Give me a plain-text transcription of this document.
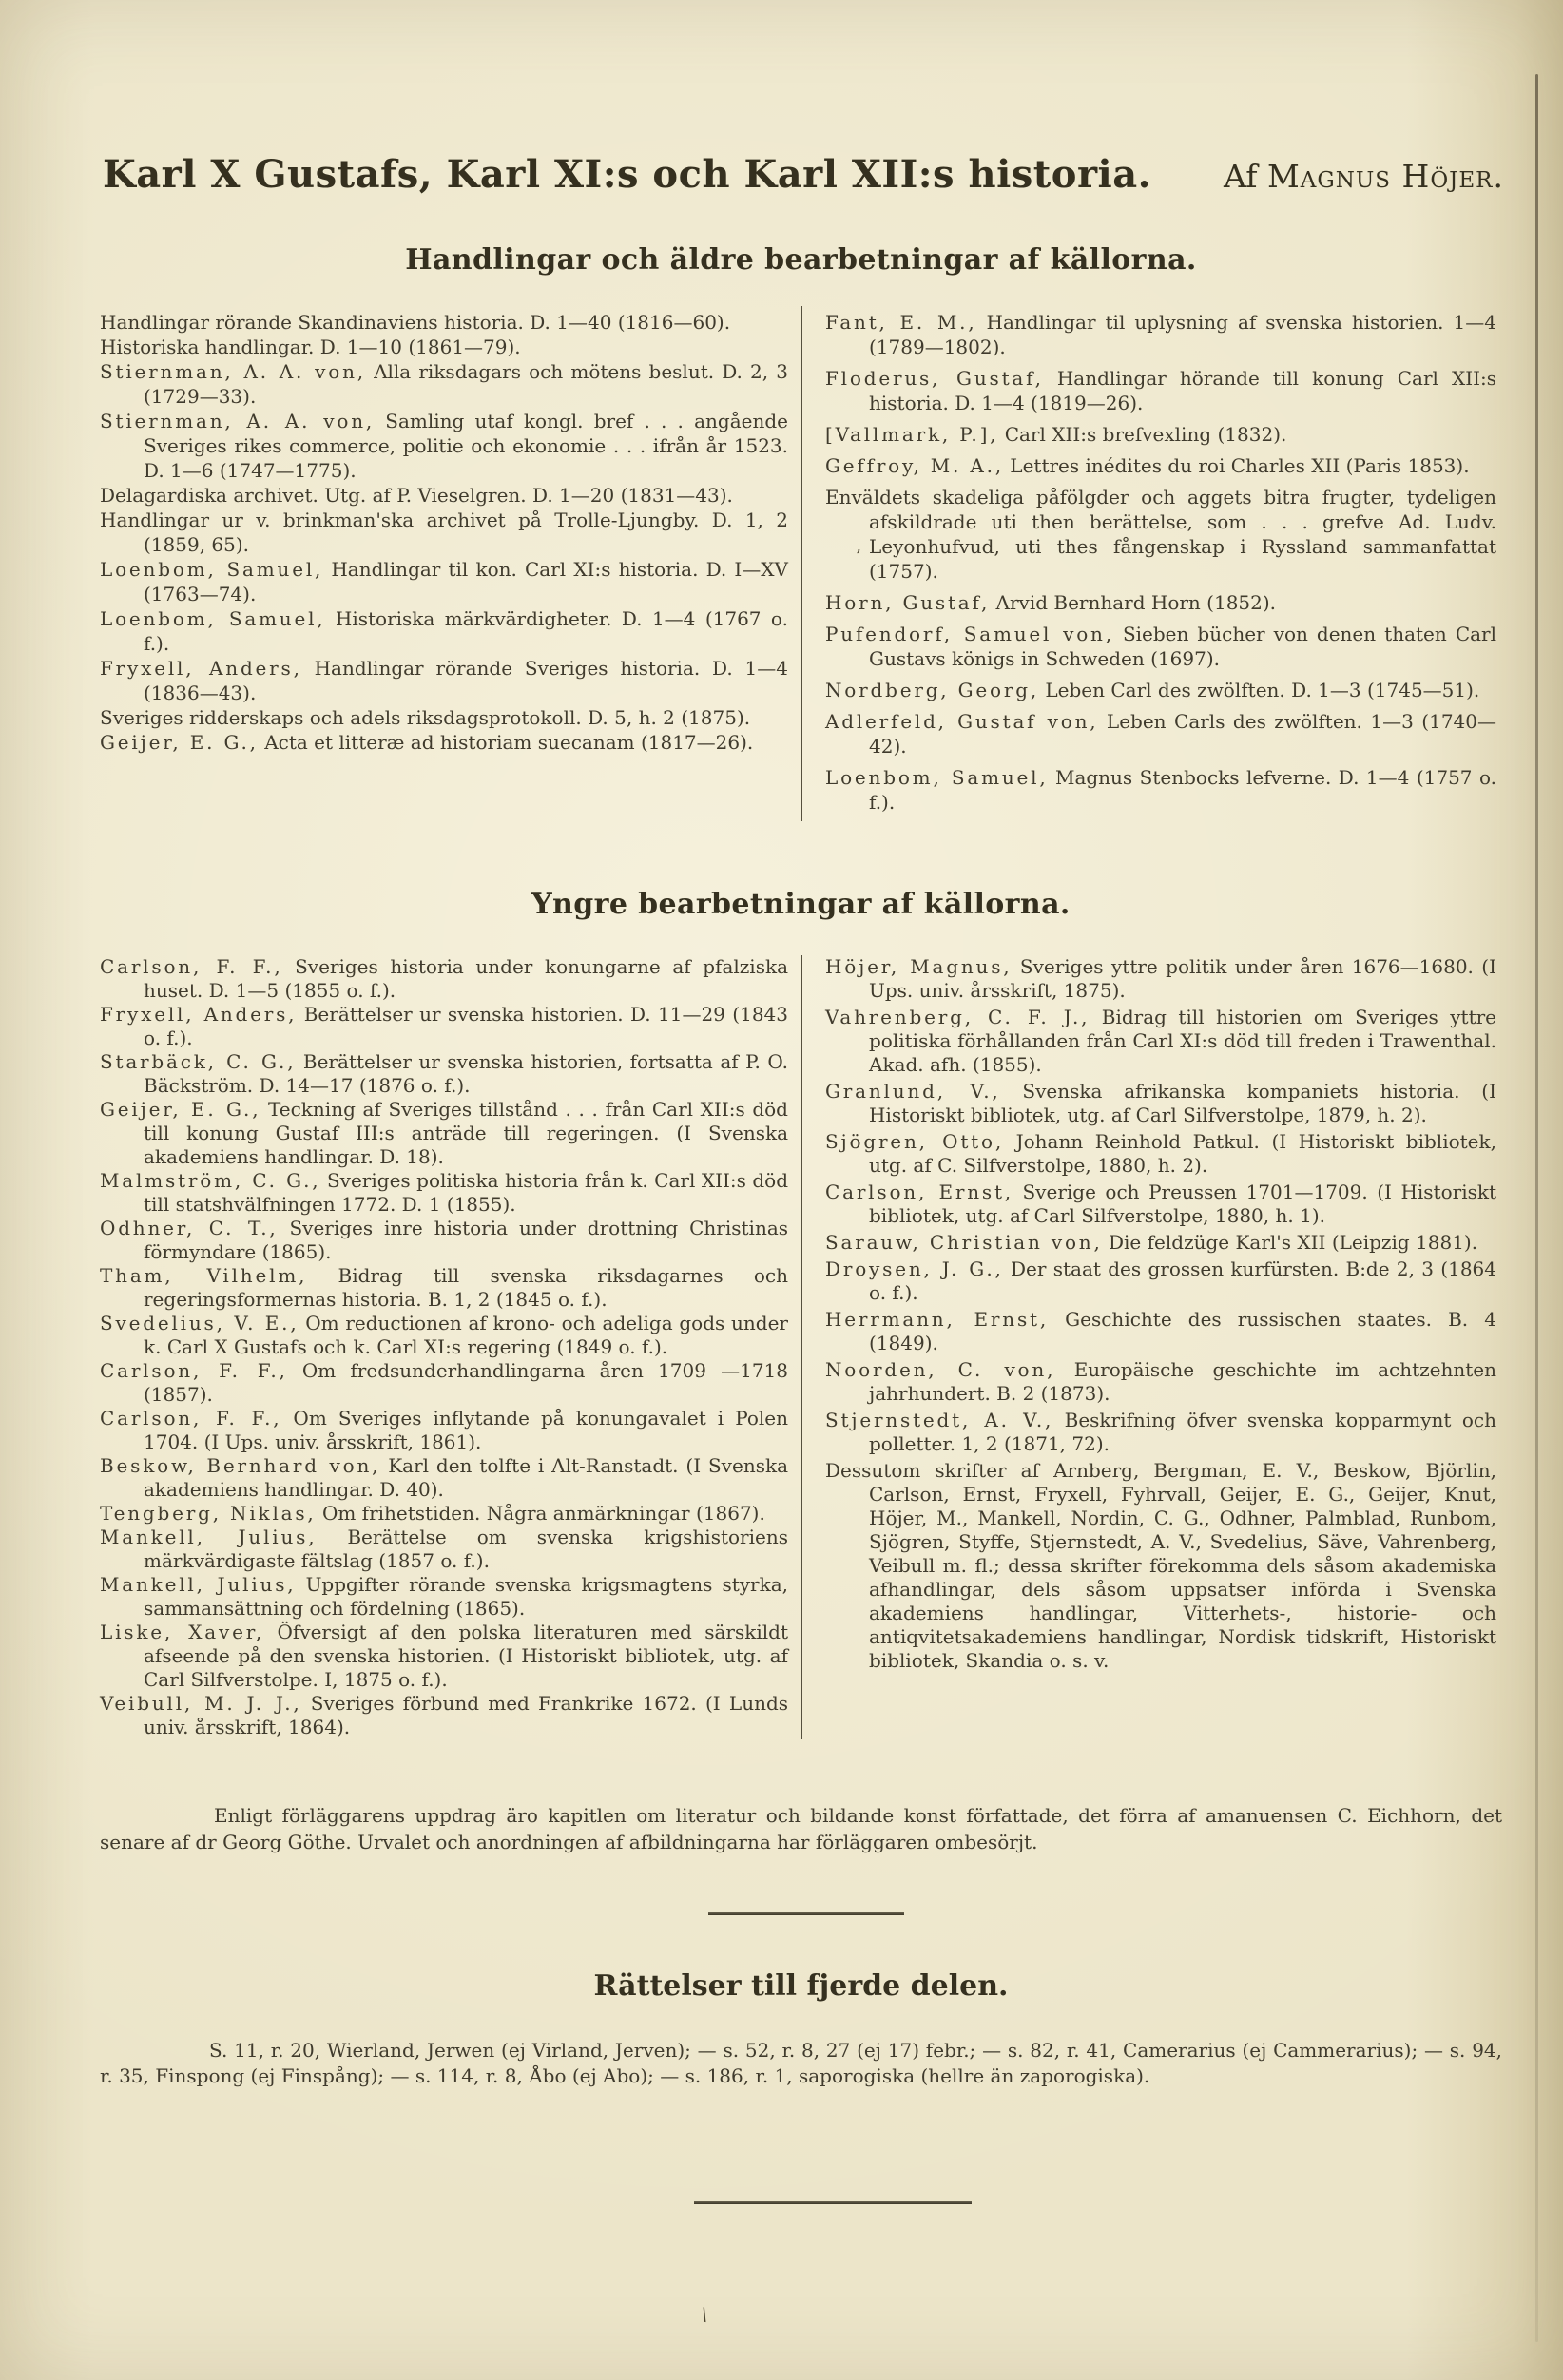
Karl X Gustafs, Karl XI:s och Karl XII:s historia. Af Magnus Höjer.
Handlingar och äldre bearbetningar af källorna.
Handlingar rörande Skandinaviens historia. D. 1—40 (1816—60).
Historiska handlingar. D. 1—10 (1861—79).
Stiernman, A. A. von, Alla riksdagars och mötens beslut. D. 2, 3 (1729—33).
Stiernman, A. A. von, Samling utaf kongl. bref . . . angående Sveriges rikes commerce, politie och ekonomie . . . ifrån år 1523. D. 1—6 (1747—1775).
Delagardiska archivet. Utg. af P. Vieselgren. D. 1—20 (1831—43).
Handlingar ur v. brinkman'ska archivet på Trolle-Ljungby. D. 1, 2 (1859, 65).
Loenbom, Samuel, Handlingar til kon. Carl XI:s historia. D. I—XV (1763—74).
Loenbom, Samuel, Historiska märkvärdigheter. D. 1—4 (1767 o. f.).
Fryxell, Anders, Handlingar rörande Sveriges historia. D. 1—4 (1836—43).
Sveriges ridderskaps och adels riksdagsprotokoll. D. 5, h. 2 (1875).
Geijer, E. G., Acta et litteræ ad historiam suecanam (1817—26).
Fant, E. M., Handlingar til uplysning af svenska historien. 1—4 (1789—1802).
Floderus, Gustaf, Handlingar hörande till konung Carl XII:s historia. D. 1—4 (1819—26).
[Vallmark, P.], Carl XII:s brefvexling (1832).
Geffroy, M. A., Lettres inédites du roi Charles XII (Paris 1853).
Enväldets skadeliga påfölgder och aggets bitra frugter, tydeligen afskildrade uti then berättelse, som . . . grefve Ad. Ludv. Leyonhufvud, uti thes fångenskap i Ryssland sammanfattat (1757).
Horn, Gustaf, Arvid Bernhard Horn (1852).
Pufendorf, Samuel von, Sieben bücher von denen thaten Carl Gustavs königs in Schweden (1697).
Nordberg, Georg, Leben Carl des zwölften. D. 1—3 (1745—51).
Adlerfeld, Gustaf von, Leben Carls des zwölften. 1—3 (1740—42).
Loenbom, Samuel, Magnus Stenbocks lefverne. D. 1—4 (1757 o. f.).
Yngre bearbetningar af källorna.
Carlson, F. F., Sveriges historia under konungarne af pfalziska huset. D. 1—5 (1855 o. f.).
Fryxell, Anders, Berättelser ur svenska historien. D. 11—29 (1843 o. f.).
Starbäck, C. G., Berättelser ur svenska historien, fortsatta af P. O. Bäckström. D. 14—17 (1876 o. f.).
Geijer, E. G., Teckning af Sveriges tillstånd . . . från Carl XII:s död till konung Gustaf III:s anträde till regeringen. (I Svenska akademiens handlingar. D. 18).
Malmström, C. G., Sveriges politiska historia från k. Carl XII:s död till statshvälfningen 1772. D. 1 (1855).
Odhner, C. T., Sveriges inre historia under drottning Christinas förmyndare (1865).
Tham, Vilhelm, Bidrag till svenska riksdagarnes och regeringsformernas historia. B. 1, 2 (1845 o. f.).
Svedelius, V. E., Om reductionen af krono- och adeliga gods under k. Carl X Gustafs och k. Carl XI:s regering (1849 o. f.).
Carlson, F. F., Om fredsunderhandlingarna åren 1709 —1718 (1857).
Carlson, F. F., Om Sveriges inflytande på konungavalet i Polen 1704. (I Ups. univ. årsskrift, 1861).
Beskow, Bernhard von, Karl den tolfte i Alt-Ranstadt. (I Svenska akademiens handlingar. D. 40).
Tengberg, Niklas, Om frihetstiden. Några anmärkningar (1867).
Mankell, Julius, Berättelse om svenska krigshistoriens märkvärdigaste fältslag (1857 o. f.).
Mankell, Julius, Uppgifter rörande svenska krigsmagtens styrka, sammansättning och fördelning (1865).
Liske, Xaver, Öfversigt af den polska literaturen med särskildt afseende på den svenska historien. (I Historiskt bibliotek, utg. af Carl Silfverstolpe. I, 1875 o. f.).
Veibull, M. J. J., Sveriges förbund med Frankrike 1672. (I Lunds univ. årsskrift, 1864).
Höjer, Magnus, Sveriges yttre politik under åren 1676—1680. (I Ups. univ. årsskrift, 1875).
Vahrenberg, C. F. J., Bidrag till historien om Sveriges yttre politiska förhållanden från Carl XI:s död till freden i Trawenthal. Akad. afh. (1855).
Granlund, V., Svenska afrikanska kompaniets historia. (I Historiskt bibliotek, utg. af Carl Silfverstolpe, 1879, h. 2).
Sjögren, Otto, Johann Reinhold Patkul. (I Historiskt bibliotek, utg. af C. Silfverstolpe, 1880, h. 2).
Carlson, Ernst, Sverige och Preussen 1701—1709. (I Historiskt bibliotek, utg. af Carl Silfverstolpe, 1880, h. 1).
Sarauw, Christian von, Die feldzüge Karl's XII (Leipzig 1881).
Droysen, J. G., Der staat des grossen kurfürsten. B:de 2, 3 (1864 o. f.).
Herrmann, Ernst, Geschichte des russischen staates. B. 4 (1849).
Noorden, C. von, Europäische geschichte im achtzehnten jahrhundert. B. 2 (1873).
Stjernstedt, A. V., Beskrifning öfver svenska kopparmynt och polletter. 1, 2 (1871, 72).
Dessutom skrifter af Arnberg, Bergman, E. V., Beskow, Björlin, Carlson, Ernst, Fryxell, Fyhrvall, Geijer, E. G., Geijer, Knut, Höjer, M., Mankell, Nordin, C. G., Odhner, Palmblad, Runbom, Sjögren, Styffe, Stjernstedt, A. V., Svedelius, Säve, Vahrenberg, Veibull m. fl.; dessa skrifter förekomma dels såsom akademiska afhandlingar, dels såsom uppsatser införda i Svenska akademiens handlingar, Vitterhets-, historie- och antiqvitetsakademiens handlingar, Nordisk tidskrift, Historiskt bibliotek, Skandia o. s. v.
Enligt förläggarens uppdrag äro kapitlen om literatur och bildande konst författade, det förra af amanuensen C. Eichhorn, det senare af dr Georg Göthe. Urvalet och anordningen af afbildningarna har förläggaren ombesörjt.
Rättelser till fjerde delen.
S. 11, r. 20, Wierland, Jerwen (ej Virland, Jerven); — s. 52, r. 8, 27 (ej 17) febr.; — s. 82, r. 41, Camerarius (ej Cammerarius); — s. 94, r. 35, Finspong (ej Finspång); — s. 114, r. 8, Åbo (ej Abo); — s. 186, r. 1, saporogiska (hellre än zaporogiska).
’
\
